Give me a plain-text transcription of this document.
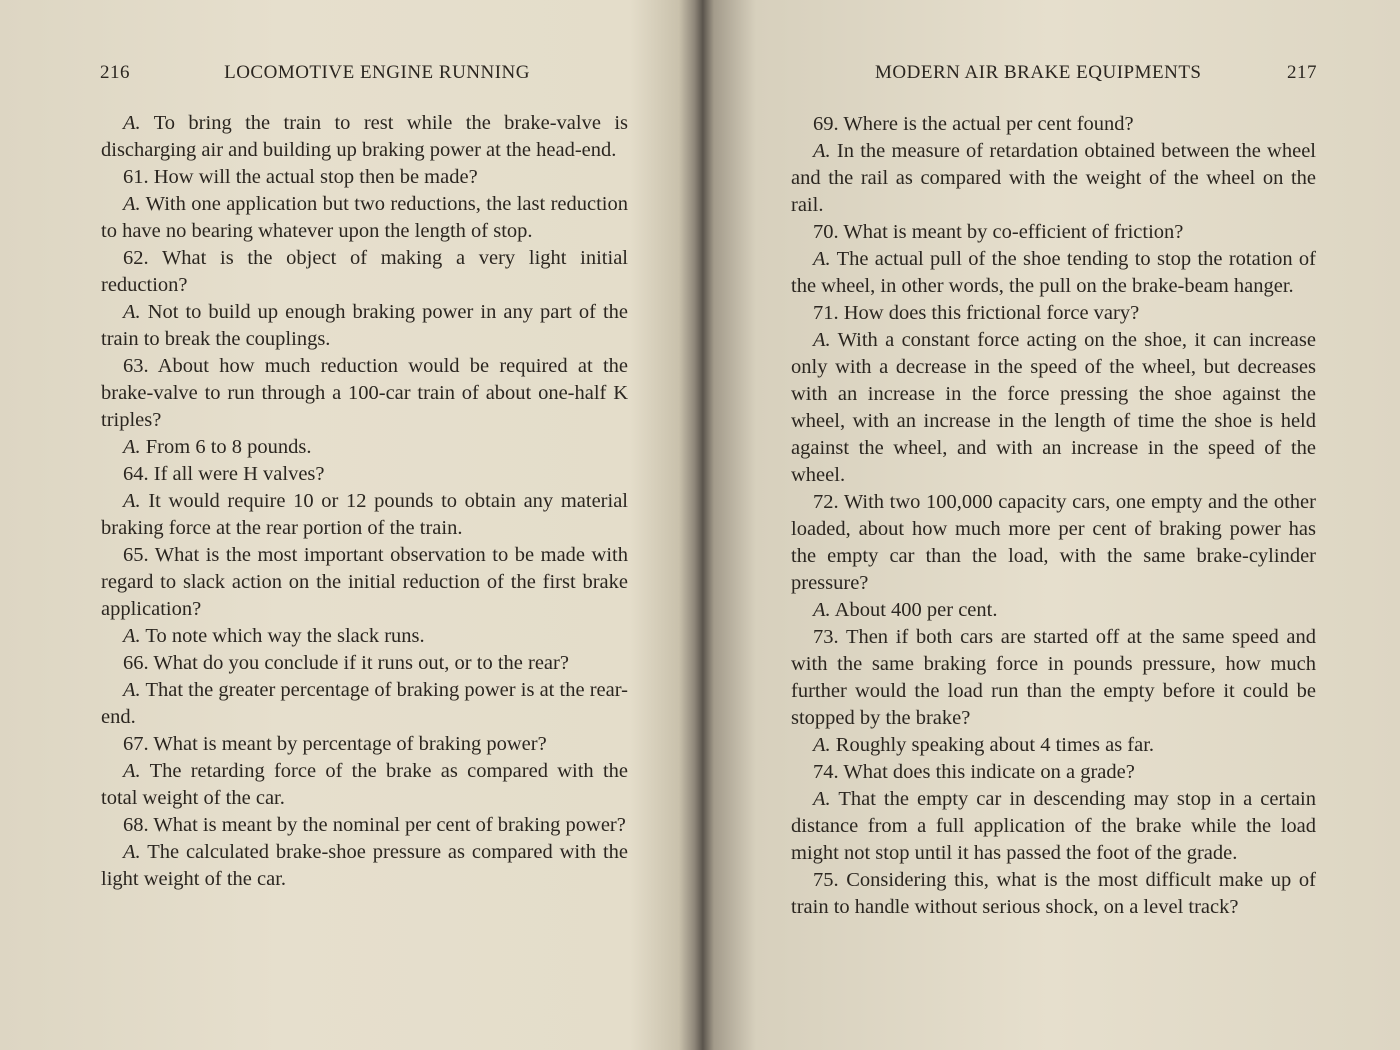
216	LOCOMOTIVE ENGINE RUNNING

A. To bring the train to rest while the brake-valve is discharging air and building up braking power at the head-end.

61. How will the actual stop then be made?

A. With one application but two reductions, the last reduction to have no bearing whatever upon the length of stop.

62. What is the object of making a very light initial reduction?

A. Not to build up enough braking power in any part of the train to break the couplings.

63. About how much reduction would be required at the brake-valve to run through a 100-car train of about one-half K triples?

A. From 6 to 8 pounds.

64. If all were H valves?

A. It would require 10 or 12 pounds to obtain any material braking force at the rear portion of the train.

65. What is the most important observation to be made with regard to slack action on the initial reduction of the first brake application?

A. To note which way the slack runs.

66. What do you conclude if it runs out, or to the rear?

A. That the greater percentage of braking power is at the rear-end.

67. What is meant by percentage of braking power?

A. The retarding force of the brake as compared with the total weight of the car.

68. What is meant by the nominal per cent of braking power?

A. The calculated brake-shoe pressure as compared with the light weight of the car.

MODERN AIR BRAKE EQUIPMENTS	217

69. Where is the actual per cent found?

A. In the measure of retardation obtained between the wheel and the rail as compared with the weight of the wheel on the rail.

70. What is meant by co-efficient of friction?

A. The actual pull of the shoe tending to stop the rotation of the wheel, in other words, the pull on the brake-beam hanger.

71. How does this frictional force vary?

A. With a constant force acting on the shoe, it can increase only with a decrease in the speed of the wheel, but decreases with an increase in the force pressing the shoe against the wheel, with an increase in the length of time the shoe is held against the wheel, and with an increase in the speed of the wheel.

72. With two 100,000 capacity cars, one empty and the other loaded, about how much more per cent of braking power has the empty car than the load, with the same brake-cylinder pressure?

A. About 400 per cent.

73. Then if both cars are started off at the same speed and with the same braking force in pounds pressure, how much further would the load run than the empty before it could be stopped by the brake?

A. Roughly speaking about 4 times as far.

74. What does this indicate on a grade?

A. That the empty car in descending may stop in a certain distance from a full application of the brake while the load might not stop until it has passed the foot of the grade.

75. Considering this, what is the most difficult make up of train to handle without serious shock, on a level track?
